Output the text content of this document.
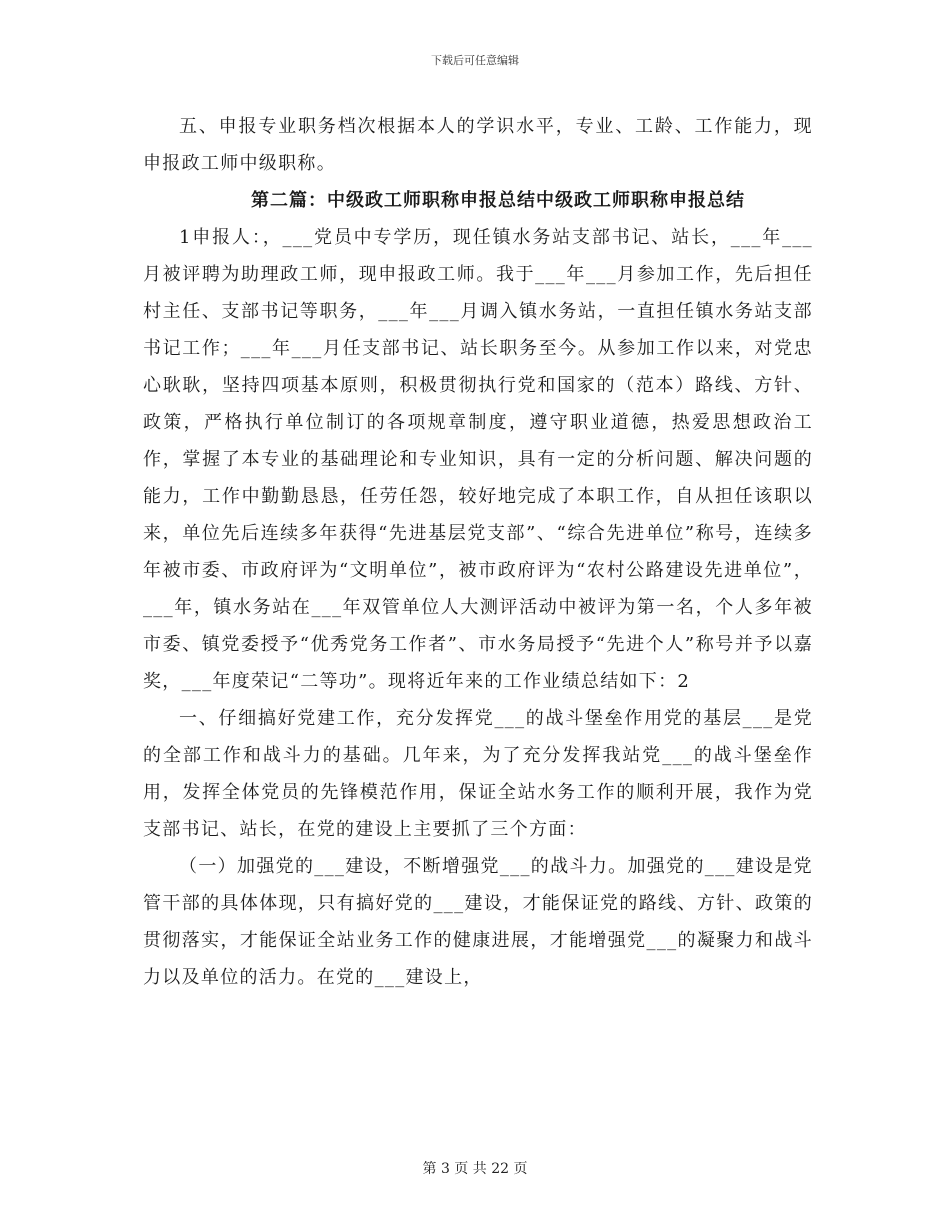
下载后可任意编辑

五、申报专业职务档次根据本人的学识水平，专业、工龄、工作能力，现申报政工师中级职称。

第二篇：中级政工师职称申报总结中级政工师职称申报总结

1申报人：，___党员中专学历，现任镇水务站支部书记、站长，___年___月被评聘为助理政工师，现申报政工师。我于___年___月参加工作，先后担任村主任、支部书记等职务，___年___月调入镇水务站，一直担任镇水务站支部书记工作；___年___月任支部书记、站长职务至今。从参加工作以来，对党忠心耿耿，坚持四项基本原则，积极贯彻执行党和国家的（范本）路线、方针、政策，严格执行单位制订的各项规章制度，遵守职业道德，热爱思想政治工作，掌握了本专业的基础理论和专业知识，具有一定的分析问题、解决问题的能力，工作中勤勤恳恳，任劳任怨，较好地完成了本职工作，自从担任该职以来，单位先后连续多年获得“先进基层党支部”、“综合先进单位”称号，连续多年被市委、市政府评为“文明单位”，被市政府评为“农村公路建设先进单位”，___年，镇水务站在___年双管单位人大测评活动中被评为第一名，个人多年被市委、镇党委授予“优秀党务工作者”、市水务局授予“先进个人”称号并予以嘉奖，___年度荣记“二等功”。现将近年来的工作业绩总结如下：2

一、仔细搞好党建工作，充分发挥党___的战斗堡垒作用党的基层___是党的全部工作和战斗力的基础。几年来，为了充分发挥我站党___的战斗堡垒作用，发挥全体党员的先锋模范作用，保证全站水务工作的顺利开展，我作为党支部书记、站长，在党的建设上主要抓了三个方面：

（一）加强党的___建设，不断增强党___的战斗力。加强党的___建设是党管干部的具体体现，只有搞好党的___建设，才能保证党的路线、方针、政策的贯彻落实，才能保证全站业务工作的健康进展，才能增强党___的凝聚力和战斗力以及单位的活力。在党的___建设上，

第 3 页 共 22 页
